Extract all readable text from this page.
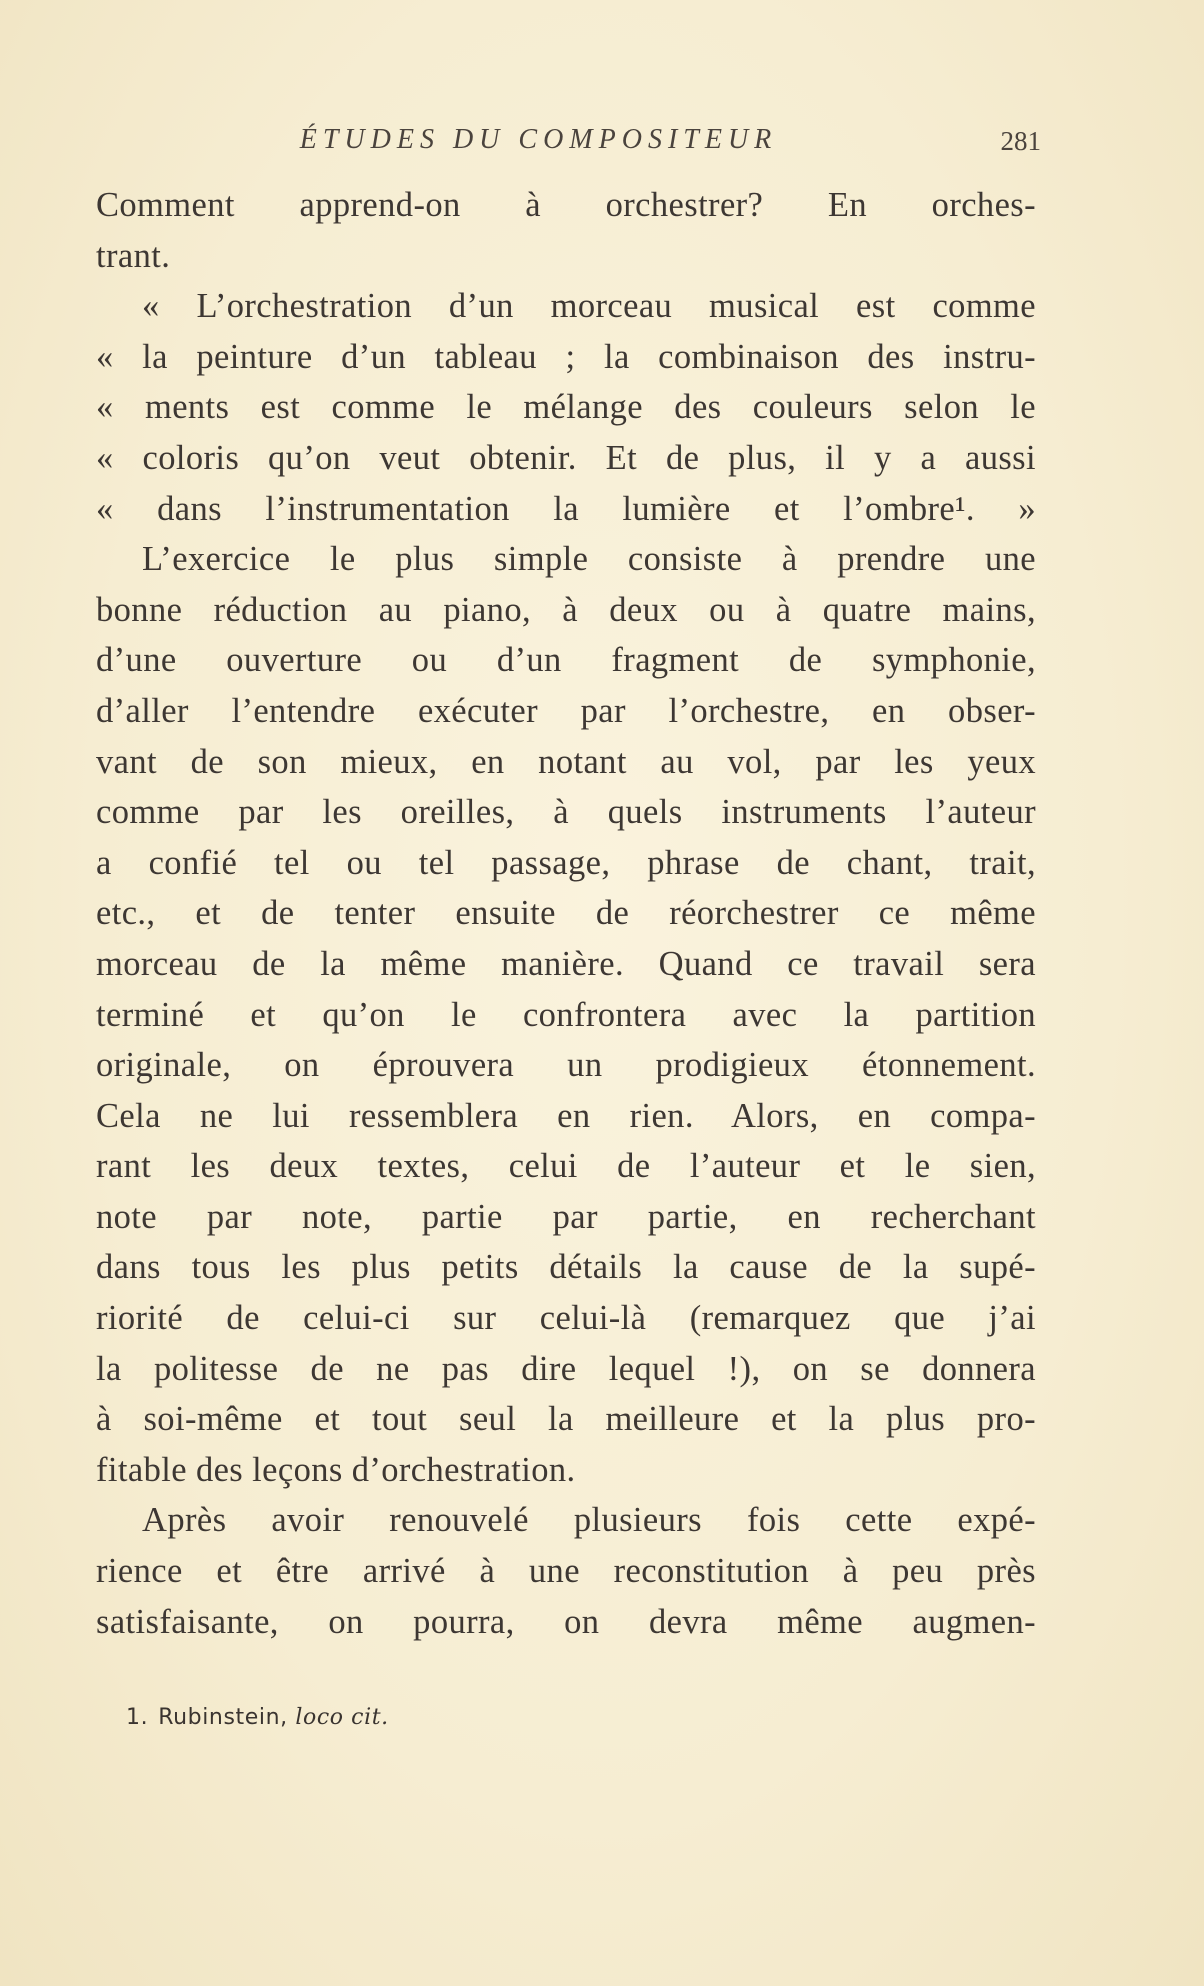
ÉTUDES DU COMPOSITEUR	281
Comment apprend-on à orchestrer? En orches-
trant.
« L’orchestration d’un morceau musical est comme
« la peinture d’un tableau ; la combinaison des instru-
« ments est comme le mélange des couleurs selon le
« coloris qu’on veut obtenir. Et de plus, il y a aussi
« dans l’instrumentation la lumière et l’ombre¹. »
L’exercice le plus simple consiste à prendre une
bonne réduction au piano, à deux ou à quatre mains,
d’une ouverture ou d’un fragment de symphonie,
d’aller l’entendre exécuter par l’orchestre, en obser-
vant de son mieux, en notant au vol, par les yeux
comme par les oreilles, à quels instruments l’auteur
a confié tel ou tel passage, phrase de chant, trait,
etc., et de tenter ensuite de réorchestrer ce même
morceau de la même manière. Quand ce travail sera
terminé et qu’on le confrontera avec la partition
originale, on éprouvera un prodigieux étonnement.
Cela ne lui ressemblera en rien. Alors, en compa-
rant les deux textes, celui de l’auteur et le sien,
note par note, partie par partie, en recherchant
dans tous les plus petits détails la cause de la supé-
riorité de celui-ci sur celui-là (remarquez que j’ai
la politesse de ne pas dire lequel !), on se donnera
à soi-même et tout seul la meilleure et la plus pro-
fitable des leçons d’orchestration.
Après avoir renouvelé plusieurs fois cette expé-
rience et être arrivé à une reconstitution à peu près
satisfaisante, on pourra, on devra même augmen-
1. Rubinstein, loco cit.
